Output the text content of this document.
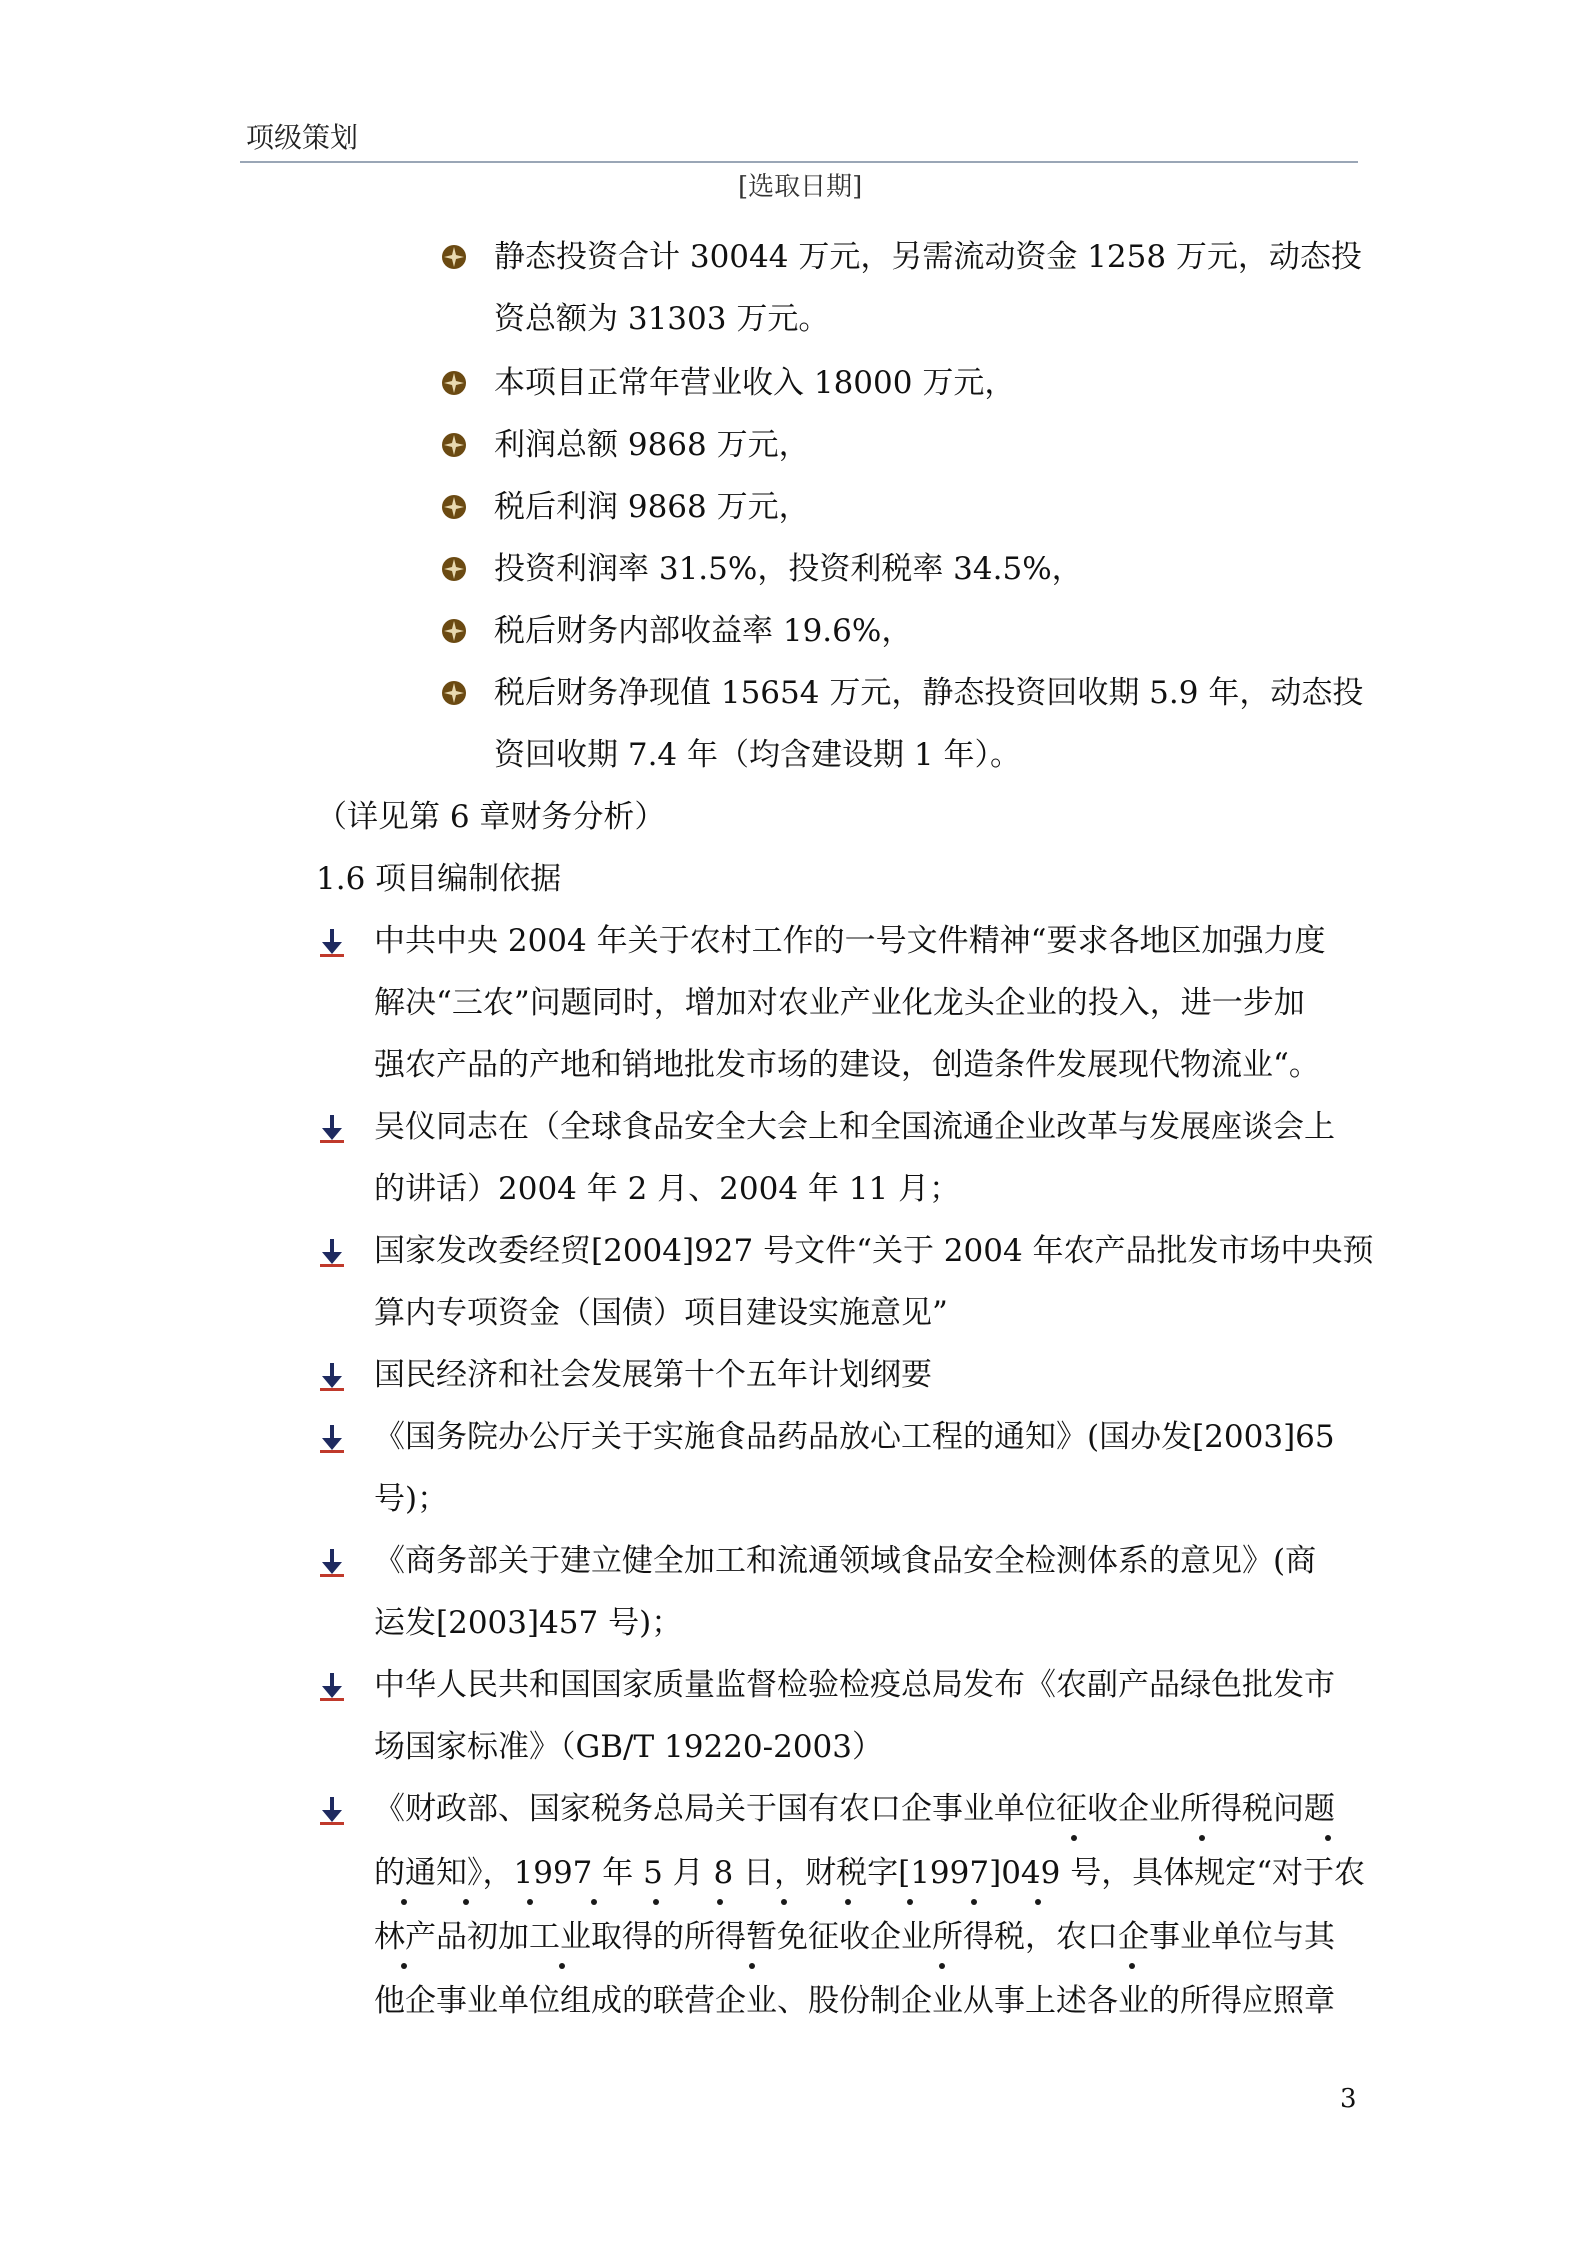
项级策划
[选取日期]
静态投资合计 30044 万元，另需流动资金 1258 万元，动态投
资总额为 31303 万元。
本项目正常年营业收入 18000 万元，
利润总额 9868 万元，
税后利润 9868 万元，
投资利润率 31.5%，投资利税率 34.5%，
税后财务内部收益率 19.6%，
税后财务净现值 15654 万元，静态投资回收期 5.9 年，动态投
资回收期 7.4 年（均含建设期 1 年）。
（详见第 6 章财务分析）
1.6 项目编制依据
中共中央 2004 年关于农村工作的一号文件精神“要求各地区加强力度
解决“三农”问题同时，增加对农业产业化龙头企业的投入，进一步加
强农产品的产地和销地批发市场的建设，创造条件发展现代物流业“。
吴仪同志在（全球食品安全大会上和全国流通企业改革与发展座谈会上
的讲话）2004 年 2 月、2004 年 11 月；
国家发改委经贸[2004]927 号文件“关于 2004 年农产品批发市场中央预
算内专项资金（国债）项目建设实施意见”
国民经济和社会发展第十个五年计划纲要
《国务院办公厅关于实施食品药品放心工程的通知》(国办发[2003]65
号)；
《商务部关于建立健全加工和流通领域食品安全检测体系的意见》(商
运发[2003]457 号)；
中华人民共和国国家质量监督检验检疫总局发布《农副产品绿色批发市
场国家标准》（GB/T 19220-2003）
《财政部、国家税务总局关于国有农口企事业单位征收企业所得税问题
的通知》，1997 年 5 月 8 日，财税字[1997]049 号，具体规定“对于农
林产品初加工业取得的所得暂免征收企业所得税，农口企事业单位与其
他企事业单位组成的联营企业、股份制企业从事上述各业的所得应照章
3
